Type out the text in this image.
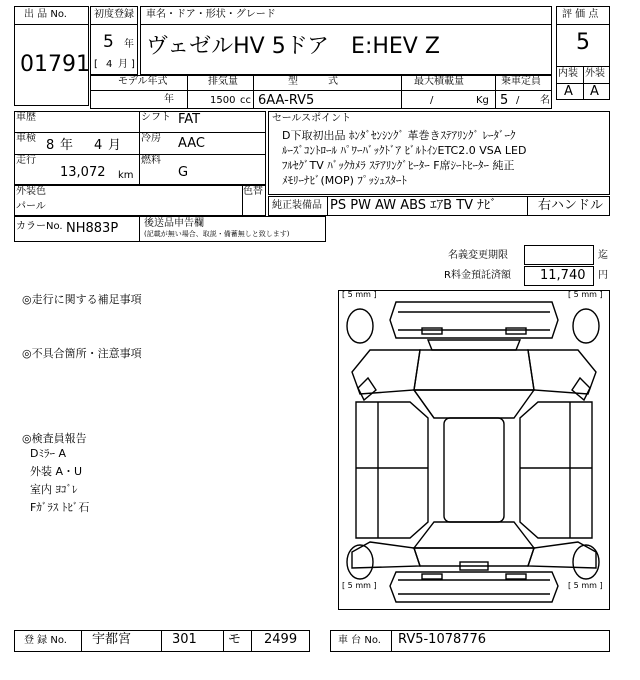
出 品 No.
01791
初度登録
5 年
[ 4 月 ]
車名・ドア・形状・グレード
ヴェゼルHV 5ドア　E:HEV Z
評 価 点
5
内装 外装
A A
モデル年式
年
排気量
1500 cc
型　　　式
6AA-RV5
最大積載量
/	Kg
乗車定員
5 / 名
車歴
車検 8 年 4 月
走行
13,072 km
シフト FAT
冷房 AAC
燃料
G
外装色
パール
色替
カラーNo. NH883P	後送品申告欄
(記載が無い場合、取説・備蓄無しと致します)
セールスポイント
D下取初出品 ﾎﾝﾀﾞｾﾝｼﾝｸﾞ 革巻きｽﾃｱﾘﾝｸﾞ ﾚｰﾀﾞｰｸ
ﾙｰｽﾞｺﾝﾄﾛｰﾙ ﾊﾟﾜｰﾊﾞｯｸﾄﾞｱ ﾋﾞﾙﾄｲﾝETC2.0 VSA LED
ﾌﾙｾｸﾞTV ﾊﾞｯｸｶﾒﾗ ｽﾃｱﾘﾝｸﾞﾋｰﾀｰ F席ｼｰﾄﾋｰﾀｰ 純正
ﾒﾓﾘｰﾅﾋﾞ(MOP) ﾌﾟｯｼｭｽﾀｰﾄ
純正装備品 PS PW AW ABS ｴｱB TV ﾅﾋﾞ	右ハンドル
名義変更期限	迄
R料金預託済額 11,740 円
◎走行に関する補足事項
◎不具合箇所・注意事項
◎検査員報告
Dﾐﾗｰ A
外装 A・U
室内 ﾖｺﾞﾚ
Fｶﾞﾗｽ ﾄﾋﾞ石
[ 5 mm ]	[ 5 mm ]
[ 5 mm ]	[ 5 mm ]
登 録 No. 宇都宮	301 モ 2499	車 台 No. RV5-1078776
